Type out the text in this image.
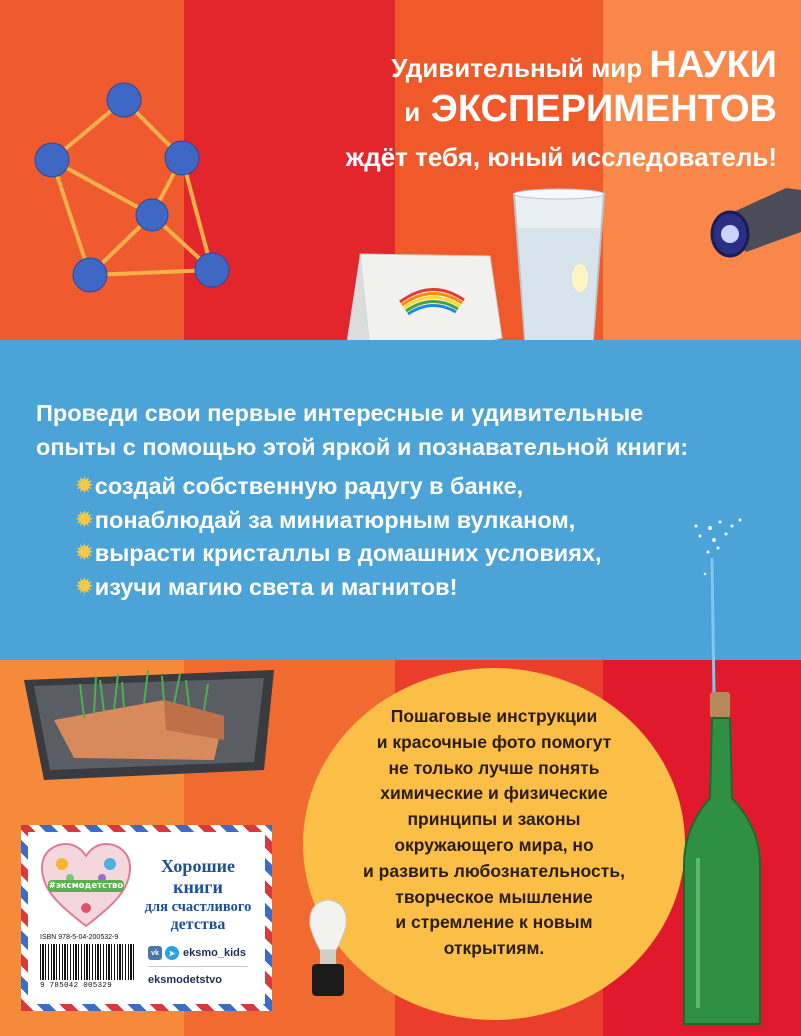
Удивительный мир НАУКИ
и ЭКСПЕРИМЕНТОВ
ждёт тебя, юный исследователь!
Проведи свои первые интересные и удивительные
опыты с помощью этой яркой и познавательной книги:
✹ создай собственную радугу в банке,
✹ понаблюдай за миниатюрным вулканом,
✹ вырасти кристаллы в домашних условиях,
✹ изучи магию света и магнитов!
Пошаговые инструкции
и красочные фото помогут
не только лучше понять
химические и физические
принципы и законы
окружающего мира, но
и развить любознательность,
творческое мышление
и стремление к новым
открытиям.
#эксмодетство
Хорошие
книги
для счастливого
детства
ISBN 978-5-04-200532-9
9 785042 005329
vk	➤ eksmo_kids
eksmodetstvo
